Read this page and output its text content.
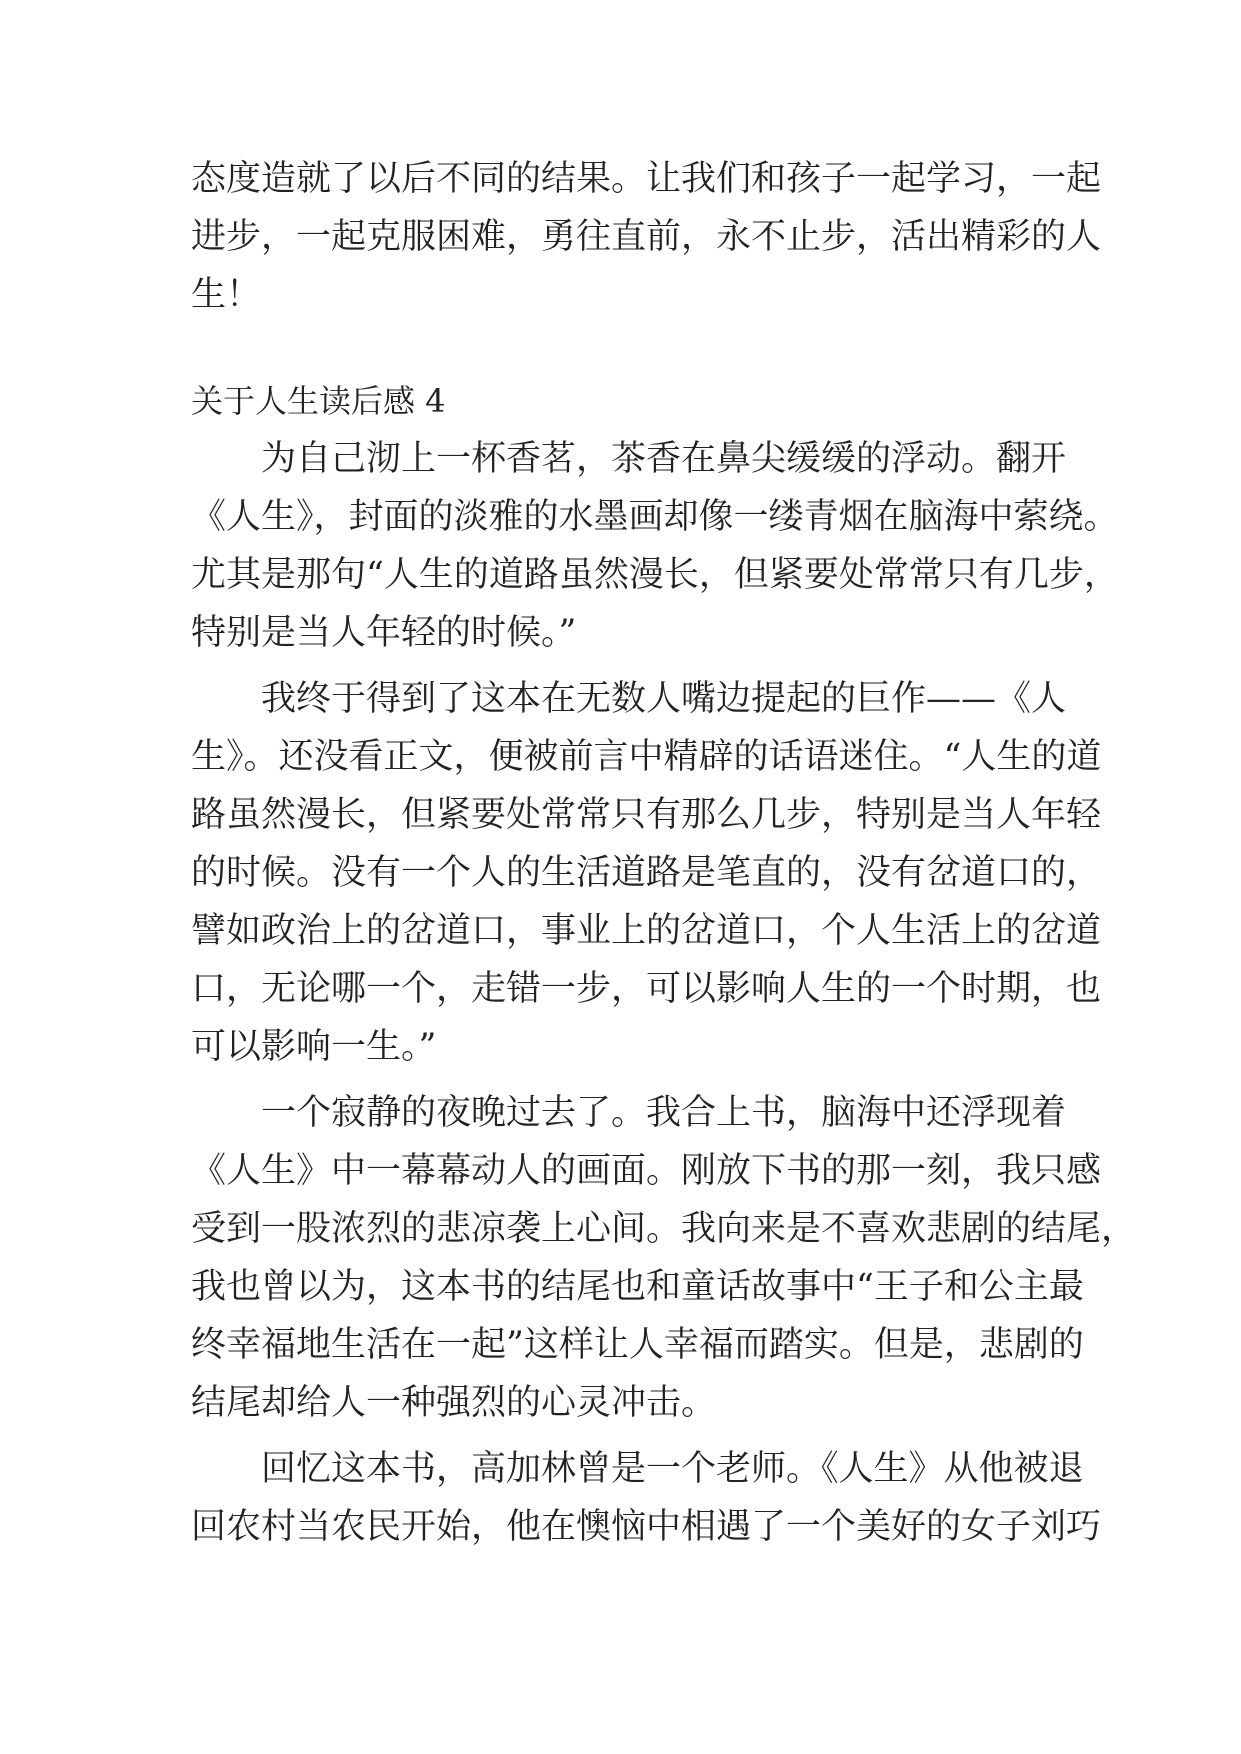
态度造就了以后不同的结果。让我们和孩子一起学习，一起
进步，一起克服困难，勇往直前，永不止步，活出精彩的人
生！
关于人生读后感 4
　　为自己沏上一杯香茗，茶香在鼻尖缓缓的浮动。翻开
《人生》，封面的淡雅的水墨画却像一缕青烟在脑海中萦绕。
尤其是那句“人生的道路虽然漫长，但紧要处常常只有几步，
特别是当人年轻的时候。”
　　我终于得到了这本在无数人嘴边提起的巨作——《人
生》。还没看正文，便被前言中精辟的话语迷住。“人生的道
路虽然漫长，但紧要处常常只有那么几步，特别是当人年轻
的时候。没有一个人的生活道路是笔直的，没有岔道口的，
譬如政治上的岔道口，事业上的岔道口，个人生活上的岔道
口，无论哪一个，走错一步，可以影响人生的一个时期，也
可以影响一生。”
　　一个寂静的夜晚过去了。我合上书，脑海中还浮现着
《人生》中一幕幕动人的画面。刚放下书的那一刻，我只感
受到一股浓烈的悲凉袭上心间。我向来是不喜欢悲剧的结尾，
我也曾以为，这本书的结尾也和童话故事中“王子和公主最
终幸福地生活在一起”这样让人幸福而踏实。但是，悲剧的
结尾却给人一种强烈的心灵冲击。
　　回忆这本书，高加林曾是一个老师。《人生》从他被退
回农村当农民开始，他在懊恼中相遇了一个美好的女子刘巧
